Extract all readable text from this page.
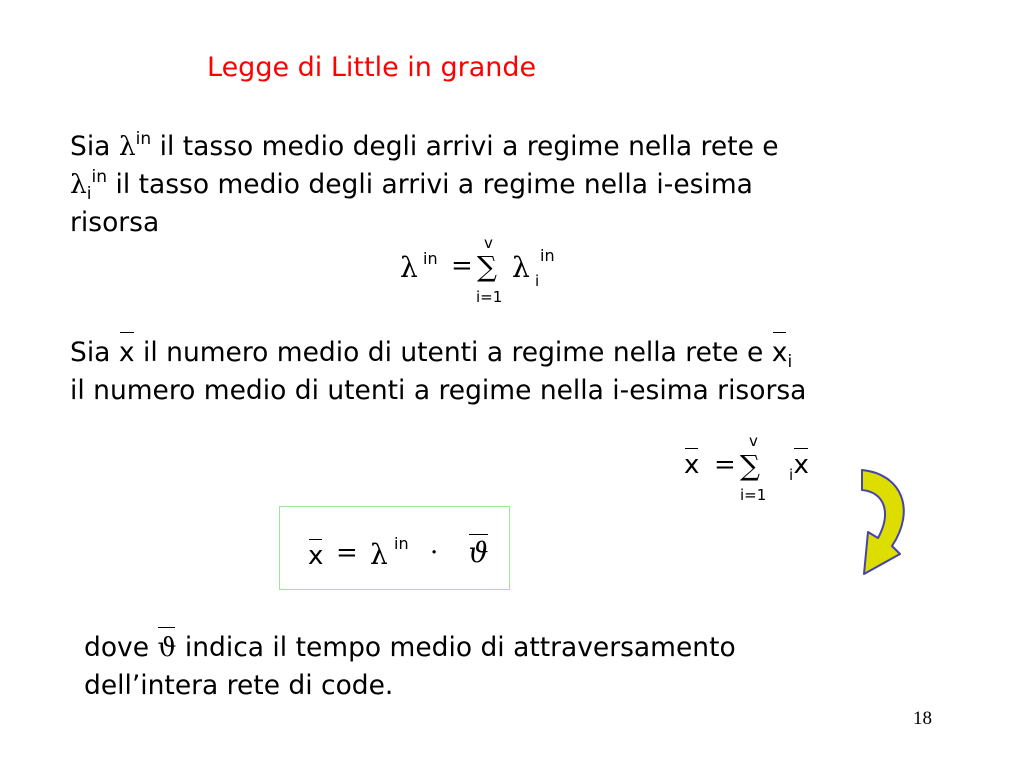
Legge di Little in grande
Sia $\lambda^{in}$ il tasso medio degli arrivi a regime nella rete e
$\lambda_i^{in}$ il tasso medio degli arrivi a regime nella i-esima
risorsa
λ in = ∑
v
i=1
λ i
in
Sia x il numero medio di utenti a regime nella rete e $x_i$
il numero medio di utenti a regime nella i-esima risorsa
x = ∑
v
i=1
x
i
x = λ in · ϑ
dove ϑ indica il tempo medio di attraversamento
dell’intera rete di code.
18
